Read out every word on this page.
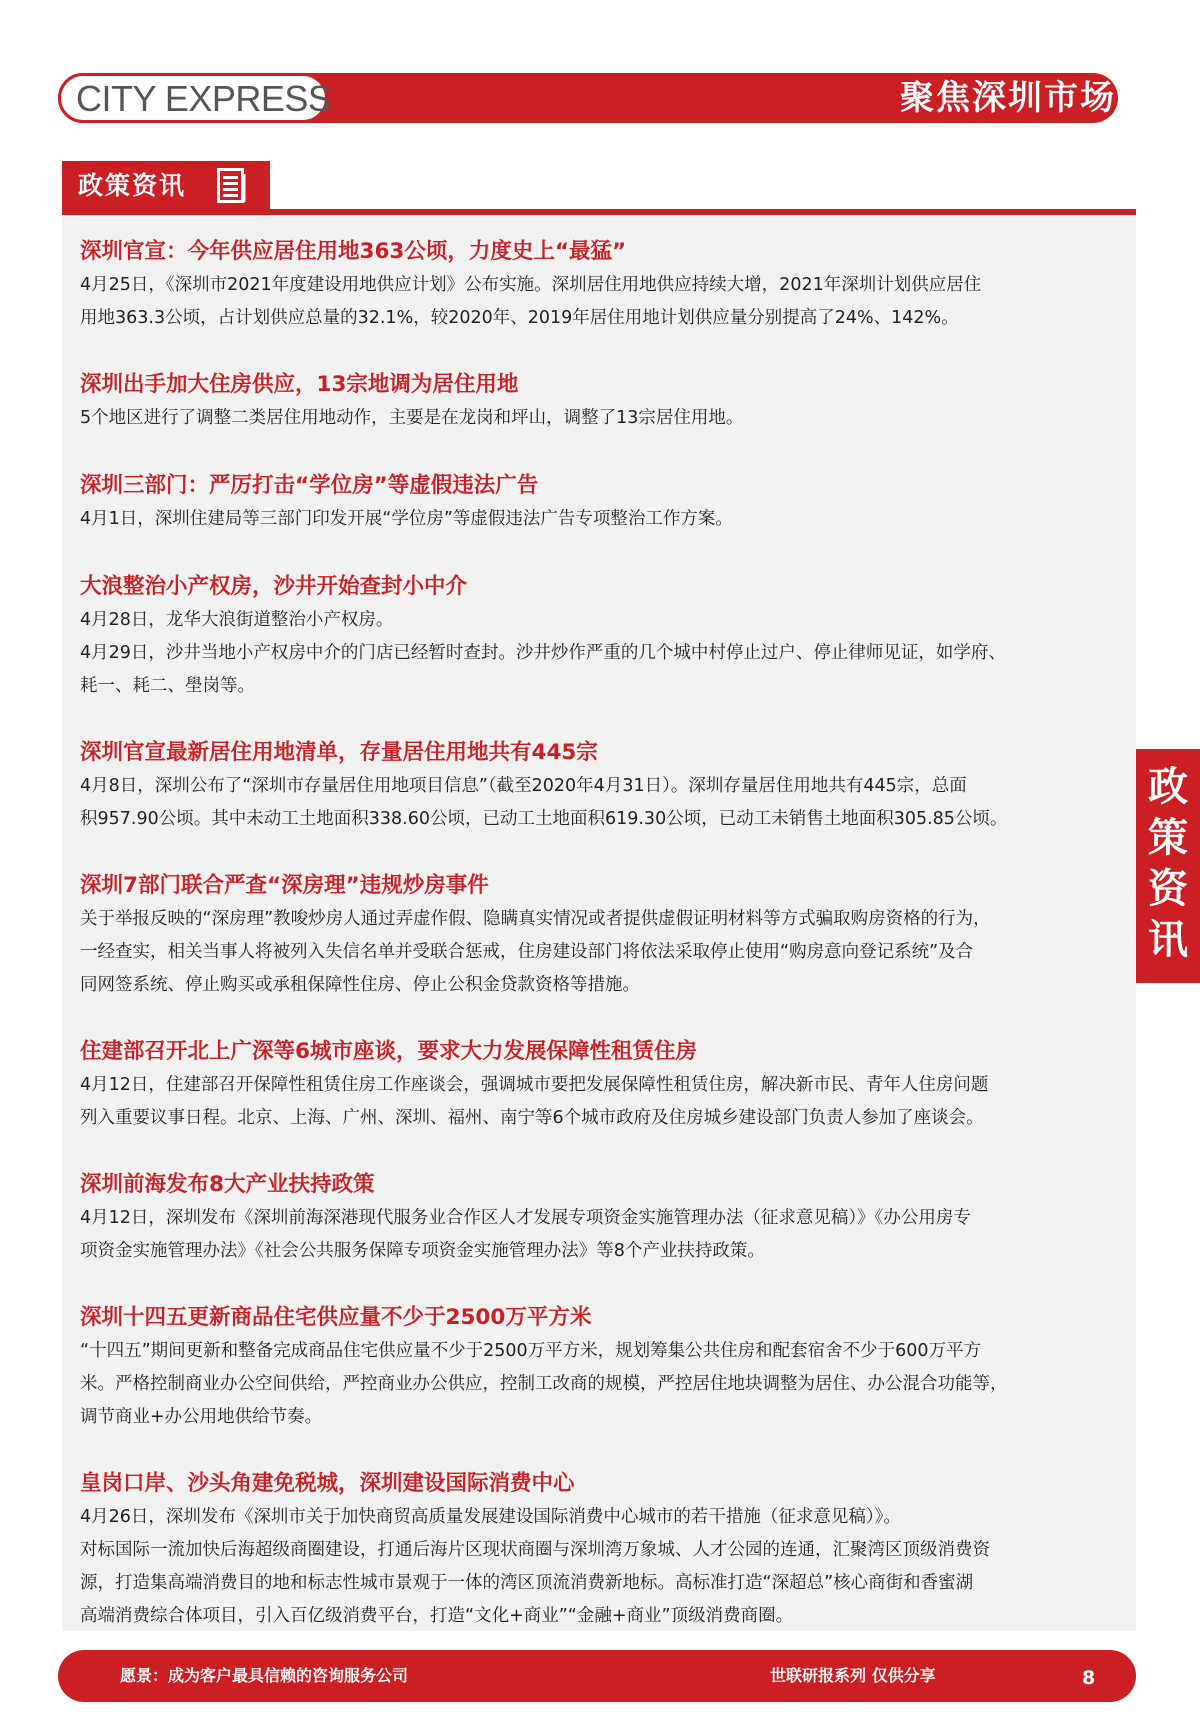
CITY EXPRESS	聚焦深圳市场
政策资讯

深圳官宣：今年供应居住用地363公顷，力度史上“最猛”

4月25日，《深圳市2021年度建设用地供应计划》公布实施。深圳居住用地供应持续大增，2021年深圳计划供应居住

用地363.3公顷，占计划供应总量的32.1%，较2020年、2019年居住用地计划供应量分别提高了24%、142%。

深圳出手加大住房供应，13宗地调为居住用地

5个地区进行了调整二类居住用地动作，主要是在龙岗和坪山，调整了13宗居住用地。

深圳三部门：严厉打击“学位房”等虚假违法广告

4月1日，深圳住建局等三部门印发开展“学位房”等虚假违法广告专项整治工作方案。

大浪整治小产权房，沙井开始查封小中介

4月28日，龙华大浪街道整治小产权房。

4月29日，沙井当地小产权房中介的门店已经暂时查封。沙井炒作严重的几个城中村停止过户、停止律师见证，如学府、

耗一、耗二、壆岗等。

深圳官宣最新居住用地清单，存量居住用地共有445宗

4月8日，深圳公布了“深圳市存量居住用地项目信息”（截至2020年4月31日）。深圳存量居住用地共有445宗，总面

积957.90公顷。其中未动工土地面积338.60公顷，已动工土地面积619.30公顷，已动工未销售土地面积305.85公顷。

深圳7部门联合严查“深房理”违规炒房事件

关于举报反映的“深房理”教唆炒房人通过弄虚作假、隐瞒真实情况或者提供虚假证明材料等方式骗取购房资格的行为，

一经查实，相关当事人将被列入失信名单并受联合惩戒，住房建设部门将依法采取停止使用“购房意向登记系统”及合

同网签系统、停止购买或承租保障性住房、停止公积金贷款资格等措施。

住建部召开北上广深等6城市座谈，要求大力发展保障性租赁住房

4月12日，住建部召开保障性租赁住房工作座谈会，强调城市要把发展保障性租赁住房，解决新市民、青年人住房问题

列入重要议事日程。北京、上海、广州、深圳、福州、南宁等6个城市政府及住房城乡建设部门负责人参加了座谈会。

深圳前海发布8大产业扶持政策

4月12日，深圳发布《深圳前海深港现代服务业合作区人才发展专项资金实施管理办法（征求意见稿）》《办公用房专

项资金实施管理办法》《社会公共服务保障专项资金实施管理办法》等8个产业扶持政策。

深圳十四五更新商品住宅供应量不少于2500万平方米

“十四五”期间更新和整备完成商品住宅供应量不少于2500万平方米，规划筹集公共住房和配套宿舍不少于600万平方

米。严格控制商业办公空间供给，严控商业办公供应，控制工改商的规模，严控居住地块调整为居住、办公混合功能等，

调节商业+办公用地供给节奏。

皇岗口岸、沙头角建免税城，深圳建设国际消费中心

4月26日，深圳发布《深圳市关于加快商贸高质量发展建设国际消费中心城市的若干措施（征求意见稿）》。

对标国际一流加快后海超级商圈建设，打通后海片区现状商圈与深圳湾万象城、人才公园的连通，汇聚湾区顶级消费资

源，打造集高端消费目的地和标志性城市景观于一体的湾区顶流消费新地标。高标准打造“深超总”核心商街和香蜜湖

高端消费综合体项目，引入百亿级消费平台，打造“文化+商业”“金融+商业”顶级消费商圈。

政策资讯
愿景：成为客户最具信赖的咨询服务公司	世联研报系列 仅供分享	8
